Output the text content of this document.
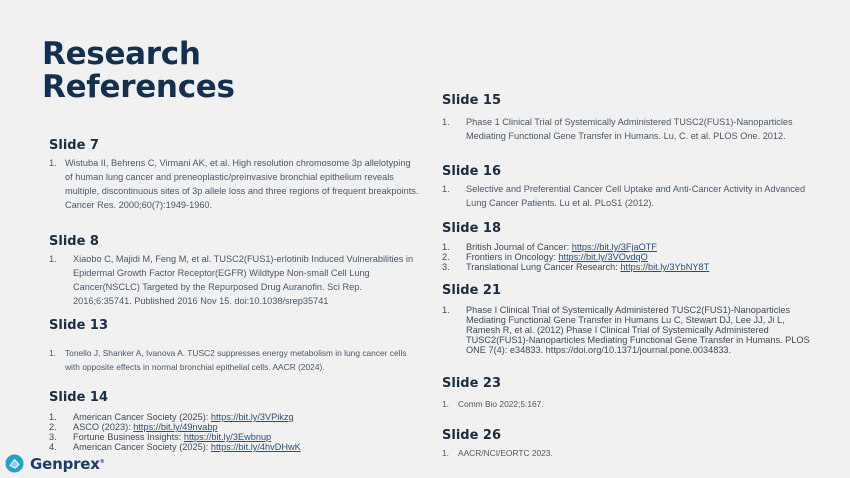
Research
References
Slide 7
1. Wistuba II, Behrens C, Virmani AK, et al. High resolution chromosome 3p allelotyping of human lung cancer and preneoplastic/preinvasive bronchial epithelium reveals multiple, discontinuous sites of 3p allele loss and three regions of frequent breakpoints. Cancer Res. 2000;60(7):1949-1960.
Slide 8
1.	Xiaobo C, Majidi M, Feng M, et al. TUSC2(FUS1)-erlotinib Induced Vulnerabilities in Epidermal Growth Factor Receptor(EGFR) Wildtype Non-small Cell Lung Cancer(NSCLC) Targeted by the Repurposed Drug Auranofin. Sci Rep. 2016;6:35741. Published 2016 Nov 15. doi:10.1038/srep35741
Slide 13
1.	Tonello J, Shanker A, Ivanova A. TUSC2 suppresses energy metabolism in lung cancer cells with opposite effects in normal bronchial epithelial cells. AACR (2024).
Slide 14
1.	American Cancer Society (2025): https://bit.ly/3VPikzg
2.	ASCO (2023): https://bit.ly/49nvabp
3.	Fortune Business Insights: https://bit.ly/3Ewbnup
4.	American Cancer Society (2025): https://bit.ly/4hvDHwK
Slide 15
1.	Phase 1 Clinical Trial of Systemically Administered TUSC2(FUS1)-Nanoparticles Mediating Functional Gene Transfer in Humans. Lu, C. et al. PLOS One. 2012.
Slide 16
1.	Selective and Preferential Cancer Cell Uptake and Anti-Cancer Activity in Advanced Lung Cancer Patients. Lu et al. PLoS1 (2012).
Slide 18
1.	British Journal of Cancer: https://bit.ly/3FjaOTF
2.	Frontiers in Oncology: https://bit.ly/3VOvdqO
3.	Translational Lung Cancer Research: https://bit.ly/3YbNY8T
Slide 21
1.	Phase I Clinical Trial of Systemically Administered TUSC2(FUS1)-Nanoparticles Mediating Functional Gene Transfer in Humans Lu C, Stewart DJ, Lee JJ, Ji L, Ramesh R, et al. (2012) Phase I Clinical Trial of Systemically Administered TUSC2(FUS1)-Nanoparticles Mediating Functional Gene Transfer in Humans. PLOS ONE 7(4): e34833. https://doi.org/10.1371/journal.pone.0034833.
Slide 23
1.	Comm Bio 2022;5:167.
Slide 26
1.	AACR/NCI/EORTC 2023.
Genprex®
